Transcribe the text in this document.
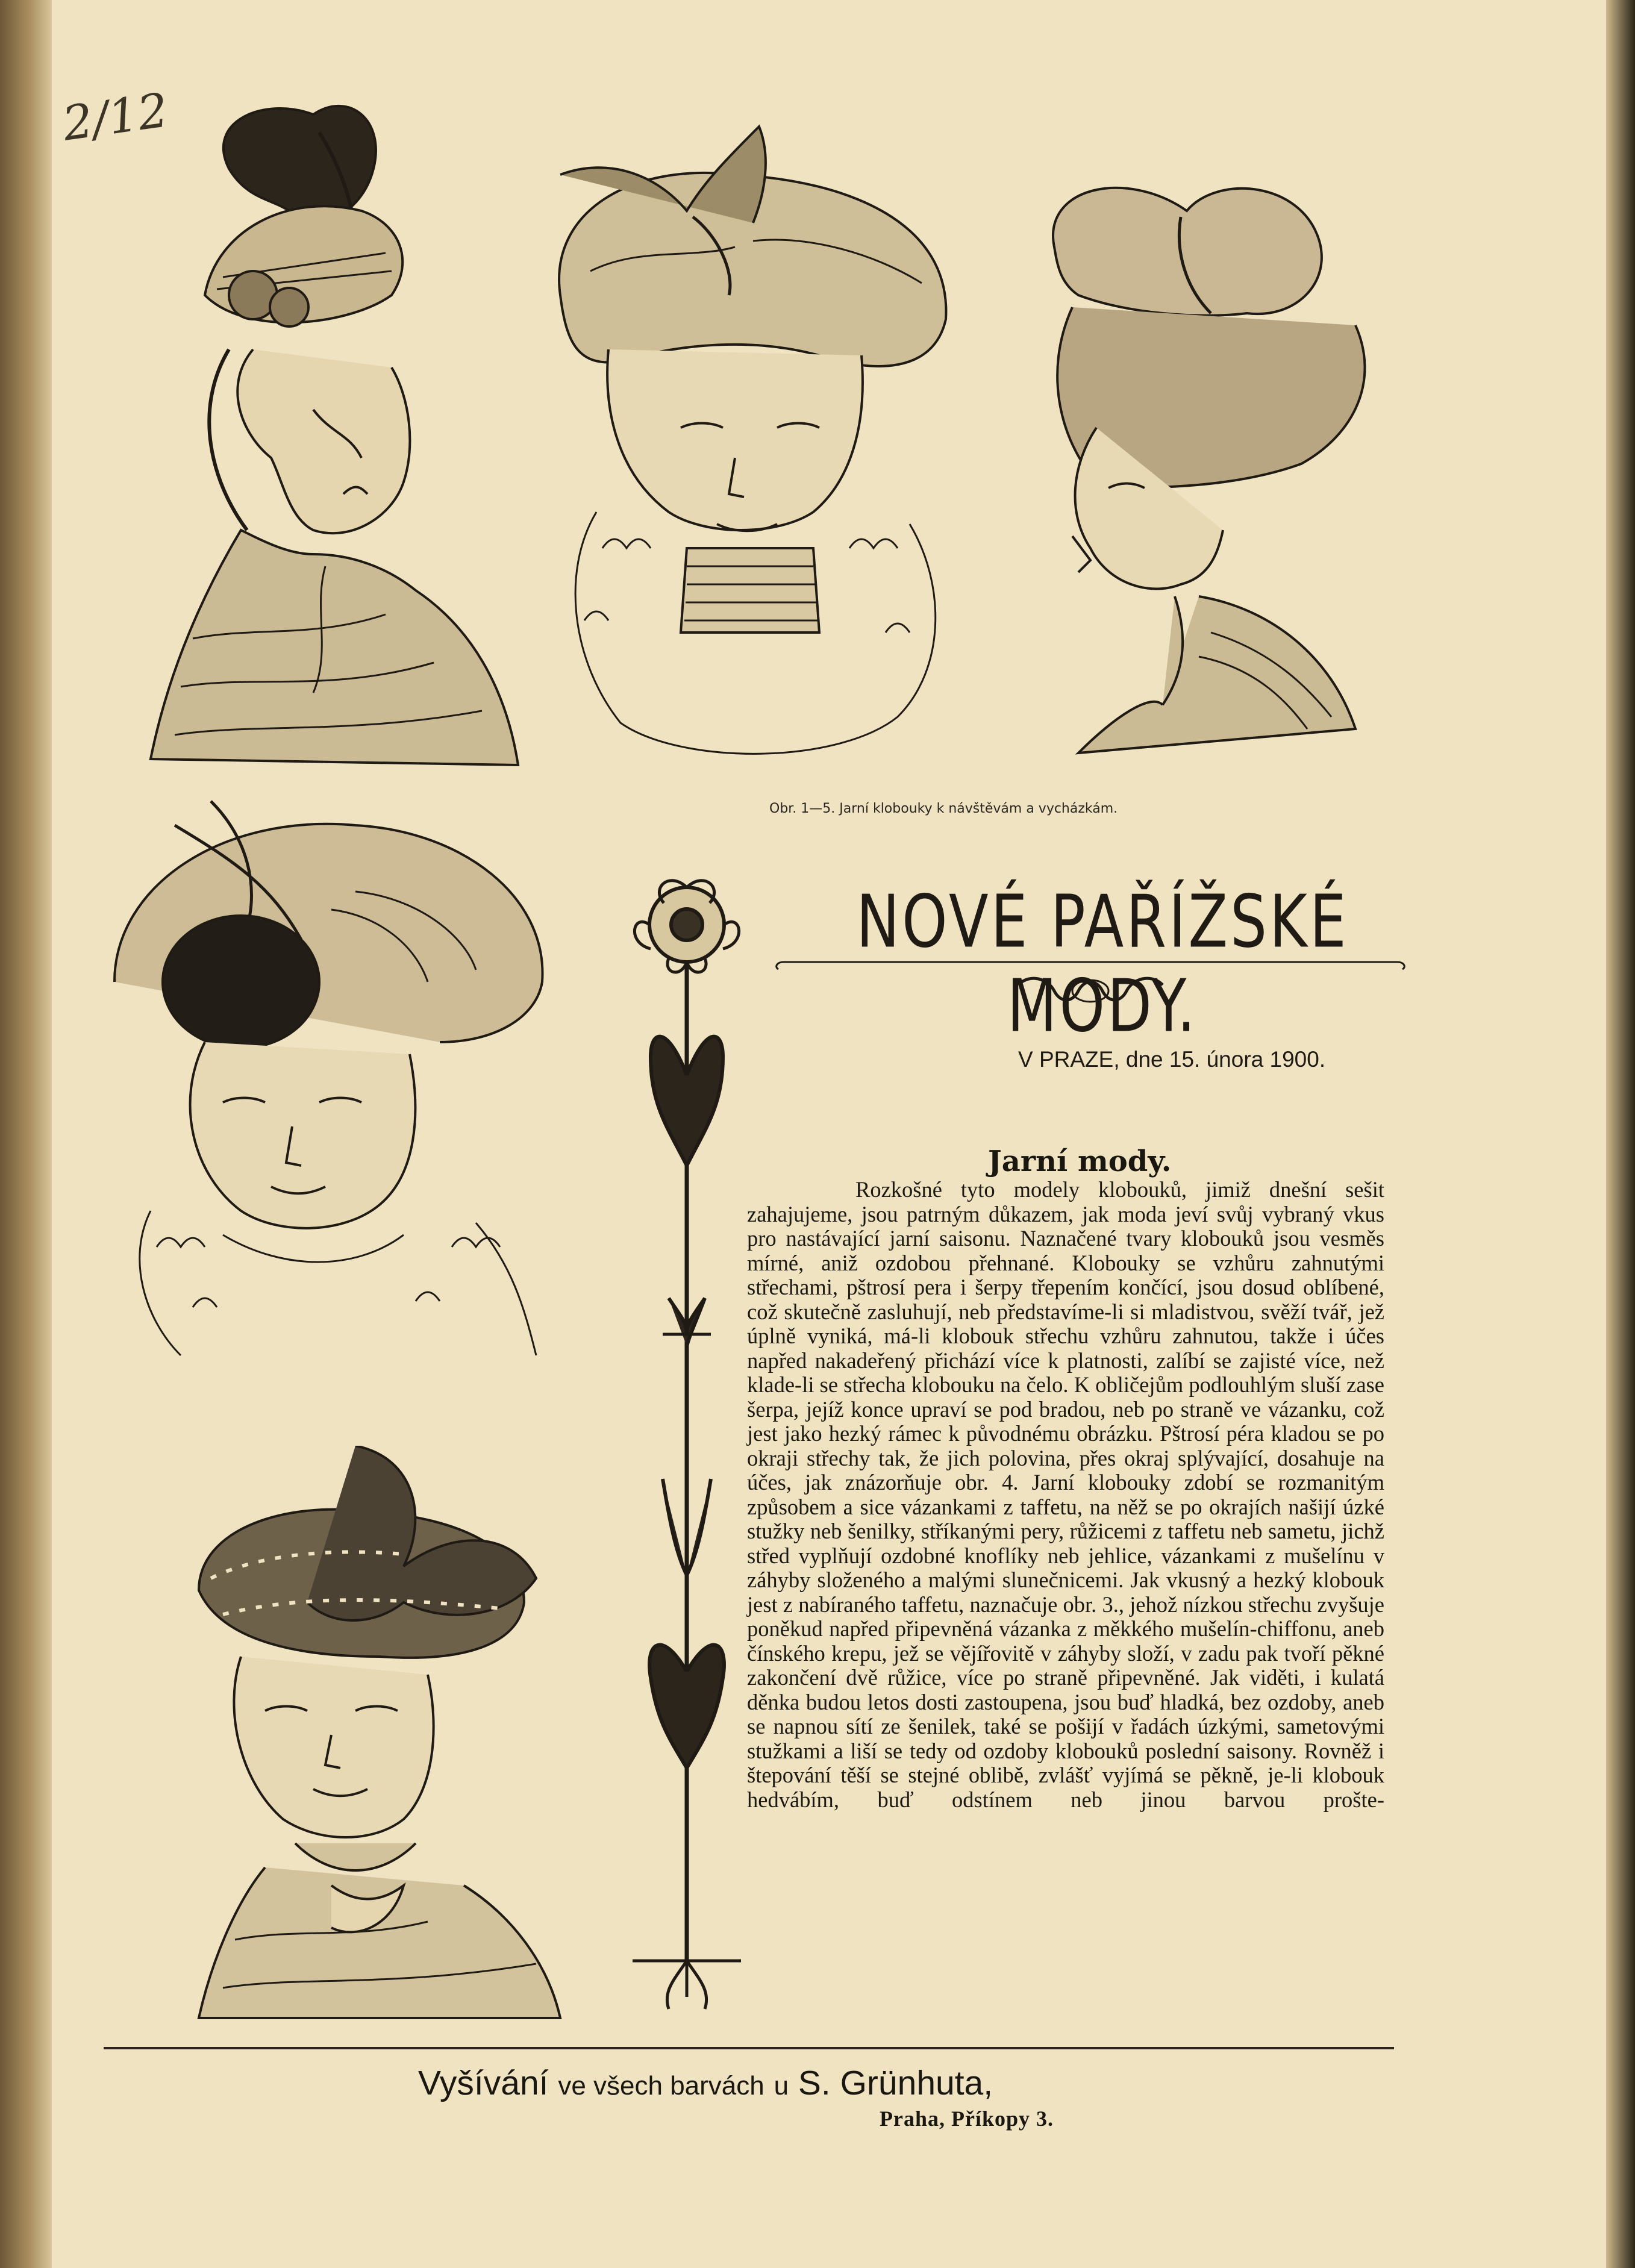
2/12
Obr. 1—5. Jarní klobouky k návštěvám a vycházkám.
NOVÉ PAŘÍŽSKÉ MODY.
V PRAZE, dne 15. února 1900.
Jarní mody.

Rozkošné tyto modely klobouků, jimiž dnešní sešit zahajujeme, jsou patrným důkazem, jak moda jeví svůj vybraný vkus pro nastávající jarní saisonu. Naznačené tvary klobouků jsou vesměs mírné, aniž ozdobou přehnané. Klobouky se vzhůru zahnutými střechami, pštrosí pera i šerpy třepením končící, jsou dosud oblíbené, což skutečně zasluhují, neb představíme-li si mladistvou, svěží tvář, jež úplně vyniká, má-li klobouk střechu vzhůru zahnutou, takže i účes napřed nakadeřený přichází více k platnosti, zalíbí se zajisté více, než klade-li se střecha klobouku na čelo. K obličejům podlouhlým sluší zase šerpa, jejíž konce upraví se pod bradou, neb po straně ve vázanku, což jest jako hezký rámec k původnému obrázku. Pštrosí péra kladou se po okraji střechy tak, že jich polovina, přes okraj splývající, dosahuje na účes, jak znázorňuje obr. 4. Jarní klobouky zdobí se rozmanitým způsobem a sice vázankami z taffetu, na něž se po okrajích našijí úzké stužky neb šenilky, stříkanými pery, růžicemi z taffetu neb sametu, jichž střed vyplňují ozdobné knoflíky neb jehlice, vázankami z mušelínu v záhyby složeného a malými slunečnicemi. Jak vkusný a hezký klobouk jest z nabíraného taffetu, naznačuje obr. 3., jehož nízkou střechu zvyšuje poněkud napřed připevněná vázanka z měkkého mušelín-chiffonu, aneb čínského krepu, jež se vějířovitě v záhyby složí, v zadu pak tvoří pěkné zakončení dvě růžice, více po straně připevněné. Jak viděti, i kulatá děnka budou letos dosti zastoupena, jsou buď hladká, bez ozdoby, aneb se napnou sítí ze šenilek, také se pošijí v řadách úzkými, sametovými stužkami a liší se tedy od ozdoby klobouků poslední saisony. Rovněž i štepování těší se stejné oblibě, zvlášť vyjímá se pěkně, je-li klobouk hedvábím, buď odstínem neb jinou barvou prošte-

Vyšívání ve všech barvách u S. Grünhuta,
Praha, Příkopy 3.
